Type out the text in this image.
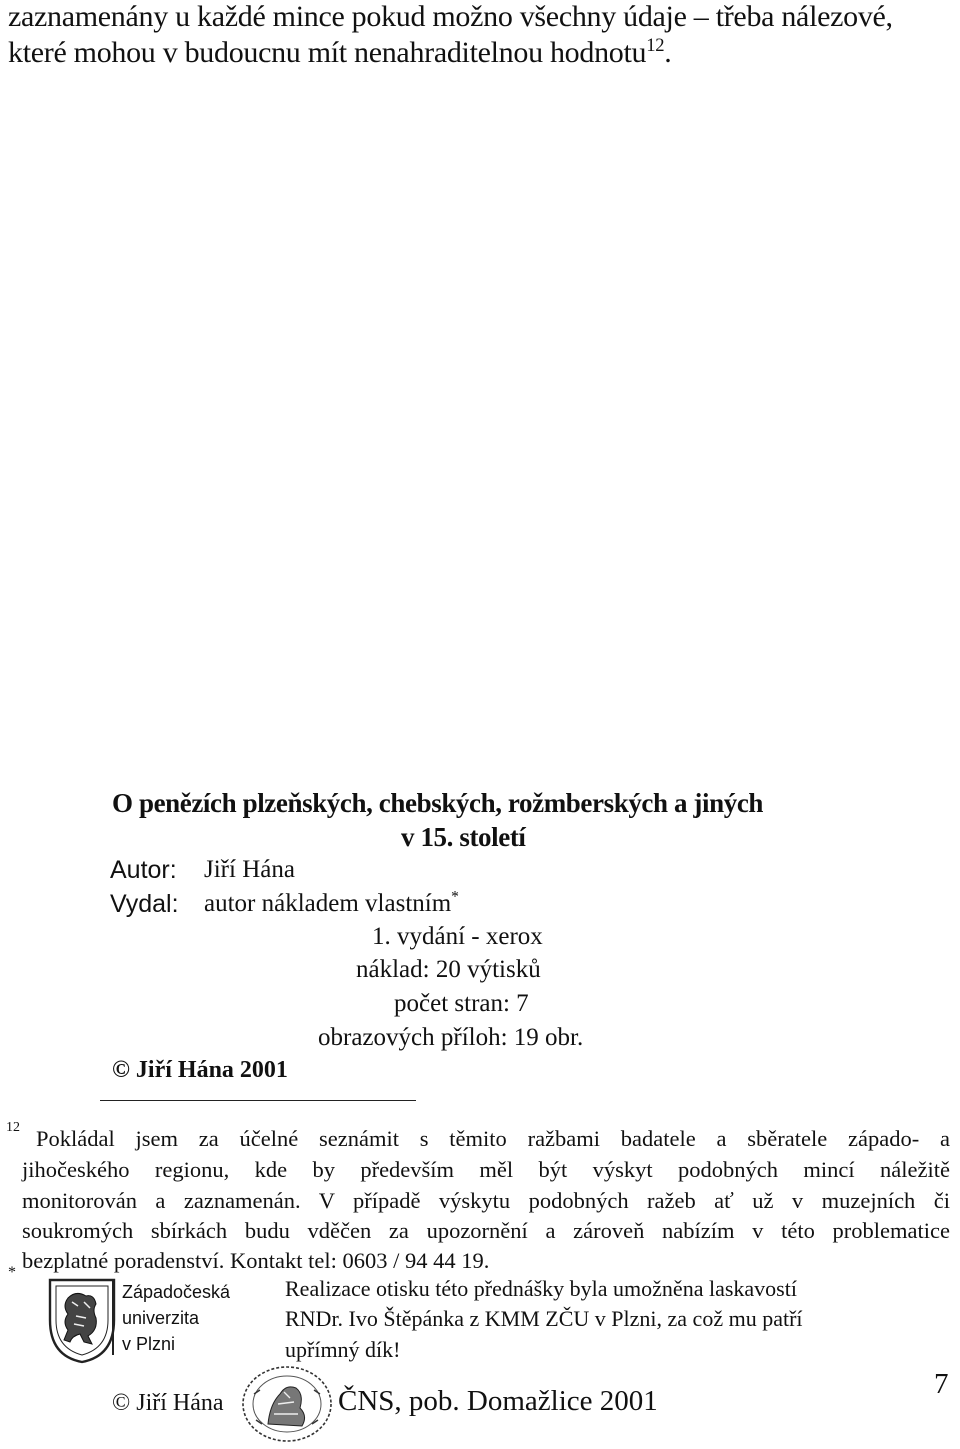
zaznamenány u každé mince pokud možno všechny údaje – třeba nálezové,
které mohou v budoucnu mít nenahraditelnou hodnotu$^{12}$.
O penězích plzeňských, chebských, rožmberských a jiných
v 15. století
Autor: Jiří Hána
Vydal: autor nákladem vlastním*
1. vydání - xerox
náklad: 20 výtisků
počet stran: 7
obrazových příloh: 19 obr.
© Jiří Hána 2001
12 Pokládal jsem za účelné seznámit s těmito ražbami badatele a sběratele západo- a
jihočeského regionu, kde by především měl být výskyt podobných mincí náležitě
monitorován a zaznamenán. V případě výskytu podobných ražeb ať už v muzejních či
soukromých sbírkách budu vděčen za upozornění a zároveň nabízím v této problematice
bezplatné poradenství. Kontakt tel: 0603 / 94 44 19.
*
Západočeská
univerzita
v Plzni
Realizace otisku této přednášky byla umožněna laskavostí
RNDr. Ivo Štěpánka z KMM ZČU v Plzni, za což mu patří
upřímný dík!
© Jiří Hána	ČNS, pob. Domažlice 2001
7
